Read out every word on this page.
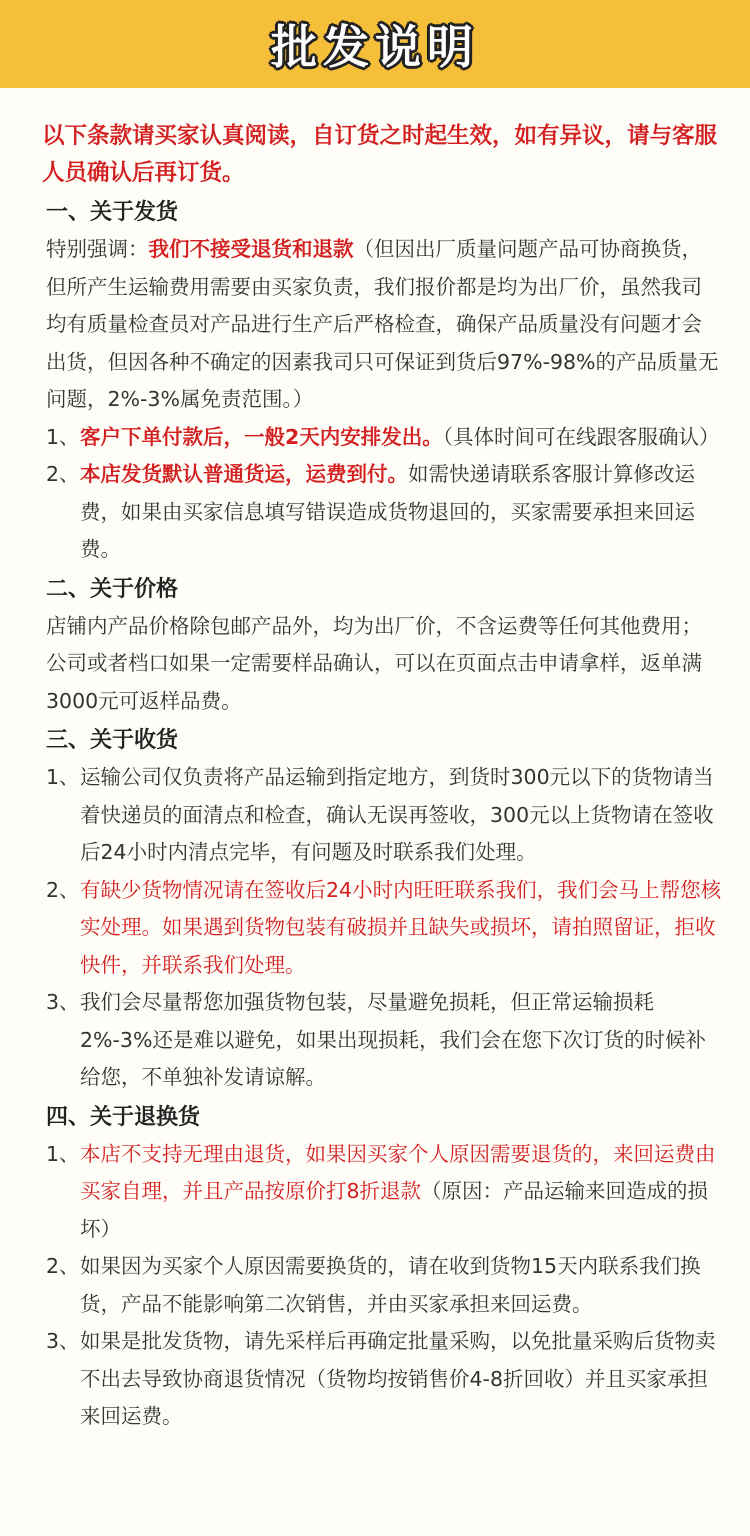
批发说明
以下条款请买家认真阅读，自订货之时起生效，如有异议，请与客服人员确认后再订货。
一、关于发货
特别强调：我们不接受退货和退款（但因出厂质量问题产品可协商换货，但所产生运输费用需要由买家负责，我们报价都是均为出厂价，虽然我司均有质量检查员对产品进行生产后严格检查，确保产品质量没有问题才会出货，但因各种不确定的因素我司只可保证到货后97%-98%的产品质量无问题，2%-3%属免责范围。）
1、 客户下单付款后，一般2天内安排发出。（具体时间可在线跟客服确认）
2、 本店发货默认普通货运，运费到付。如需快递请联系客服计算修改运费，如果由买家信息填写错误造成货物退回的，买家需要承担来回运费。
二、关于价格
店铺内产品价格除包邮产品外，均为出厂价，不含运费等任何其他费用；公司或者档口如果一定需要样品确认，可以在页面点击申请拿样，返单满3000元可返样品费。
三、关于收货
1、 运输公司仅负责将产品运输到指定地方，到货时300元以下的货物请当着快递员的面清点和检查，确认无误再签收，300元以上货物请在签收后24小时内清点完毕，有问题及时联系我们处理。
2、 有缺少货物情况请在签收后24小时内旺旺联系我们，我们会马上帮您核实处理。如果遇到货物包装有破损并且缺失或损坏，请拍照留证，拒收快件，并联系我们处理。
3、 我们会尽量帮您加强货物包装，尽量避免损耗，但正常运输损耗2%-3%还是难以避免，如果出现损耗，我们会在您下次订货的时候补给您，不单独补发请谅解。
四、关于退换货
1、 本店不支持无理由退货，如果因买家个人原因需要退货的，来回运费由买家自理，并且产品按原价打8折退款（原因：产品运输来回造成的损坏）
2、 如果因为买家个人原因需要换货的，请在收到货物15天内联系我们换货，产品不能影响第二次销售，并由买家承担来回运费。
3、 如果是批发货物，请先采样后再确定批量采购，以免批量采购后货物卖不出去导致协商退货情况（货物均按销售价4-8折回收）并且买家承担来回运费。
